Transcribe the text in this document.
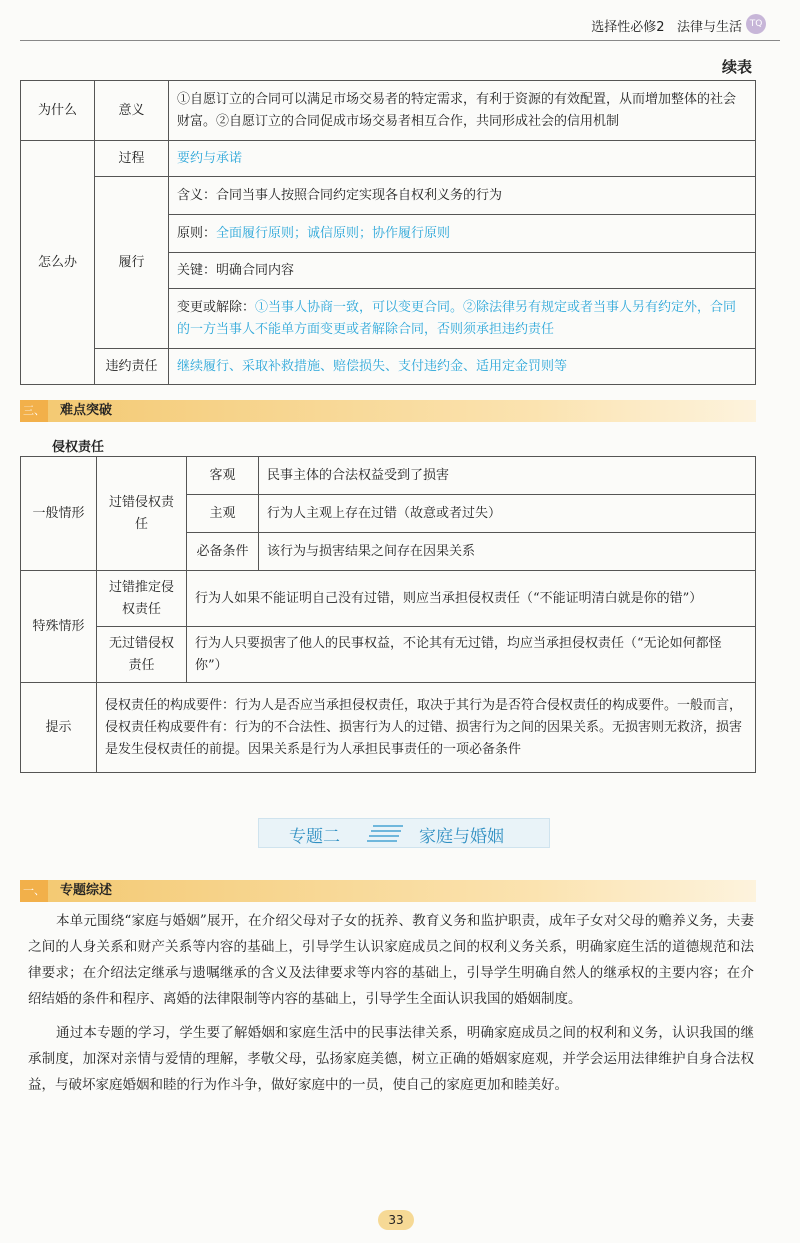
选择性必修2 法律与生活 TQ
续表
为什么	意义	①自愿订立的合同可以满足市场交易者的特定需求，有利于资源的有效配置，从而增加整体的社会财富。②自愿订立的合同促成市场交易者相互合作，共同形成社会的信用机制
怎么办	过程	要约与承诺
	履行	含义：合同当事人按照合同约定实现各自权利义务的行为
		原则：全面履行原则；诚信原则；协作履行原则
		关键：明确合同内容
		变更或解除：①当事人协商一致，可以变更合同。②除法律另有规定或者当事人另有约定外，合同的一方当事人不能单方面变更或者解除合同，否则须承担违约责任
	违约责任	继续履行、采取补救措施、赔偿损失、支付违约金、适用定金罚则等
三、 难点突破
侵权责任
一般情形	过错侵权责任	客观	民事主体的合法权益受到了损害
		主观	行为人主观上存在过错（故意或者过失）
		必备条件	该行为与损害结果之间存在因果关系
特殊情形	过错推定侵权责任	行为人如果不能证明自己没有过错，则应当承担侵权责任（“不能证明清白就是你的错”）	
	无过错侵权责任	行为人只要损害了他人的民事权益，不论其有无过错，均应当承担侵权责任（“无论如何都怪你”）	
提示	侵权责任的构成要件：行为人是否应当承担侵权责任，取决于其行为是否符合侵权责任的构成要件。一般而言，侵权责任构成要件有：行为的不合法性、损害行为人的过错、损害行为之间的因果关系。无损害则无救济，损害是发生侵权责任的前提。因果关系是行为人承担民事责任的一项必备条件		
专题二	家庭与婚姻
一、 专题综述
本单元围绕“家庭与婚姻”展开，在介绍父母对子女的抚养、教育义务和监护职责，成年子女对父母的赡养义务，夫妻之间的人身关系和财产关系等内容的基础上，引导学生认识家庭成员之间的权利义务关系，明确家庭生活的道德规范和法律要求；在介绍法定继承与遗嘱继承的含义及法律要求等内容的基础上，引导学生明确自然人的继承权的主要内容；在介绍结婚的条件和程序、离婚的法律限制等内容的基础上，引导学生全面认识我国的婚姻制度。
通过本专题的学习，学生要了解婚姻和家庭生活中的民事法律关系，明确家庭成员之间的权利和义务，认识我国的继承制度，加深对亲情与爱情的理解，孝敬父母，弘扬家庭美德，树立正确的婚姻家庭观，并学会运用法律维护自身合法权益，与破坏家庭婚姻和睦的行为作斗争，做好家庭中的一员，使自己的家庭更加和睦美好。
33
